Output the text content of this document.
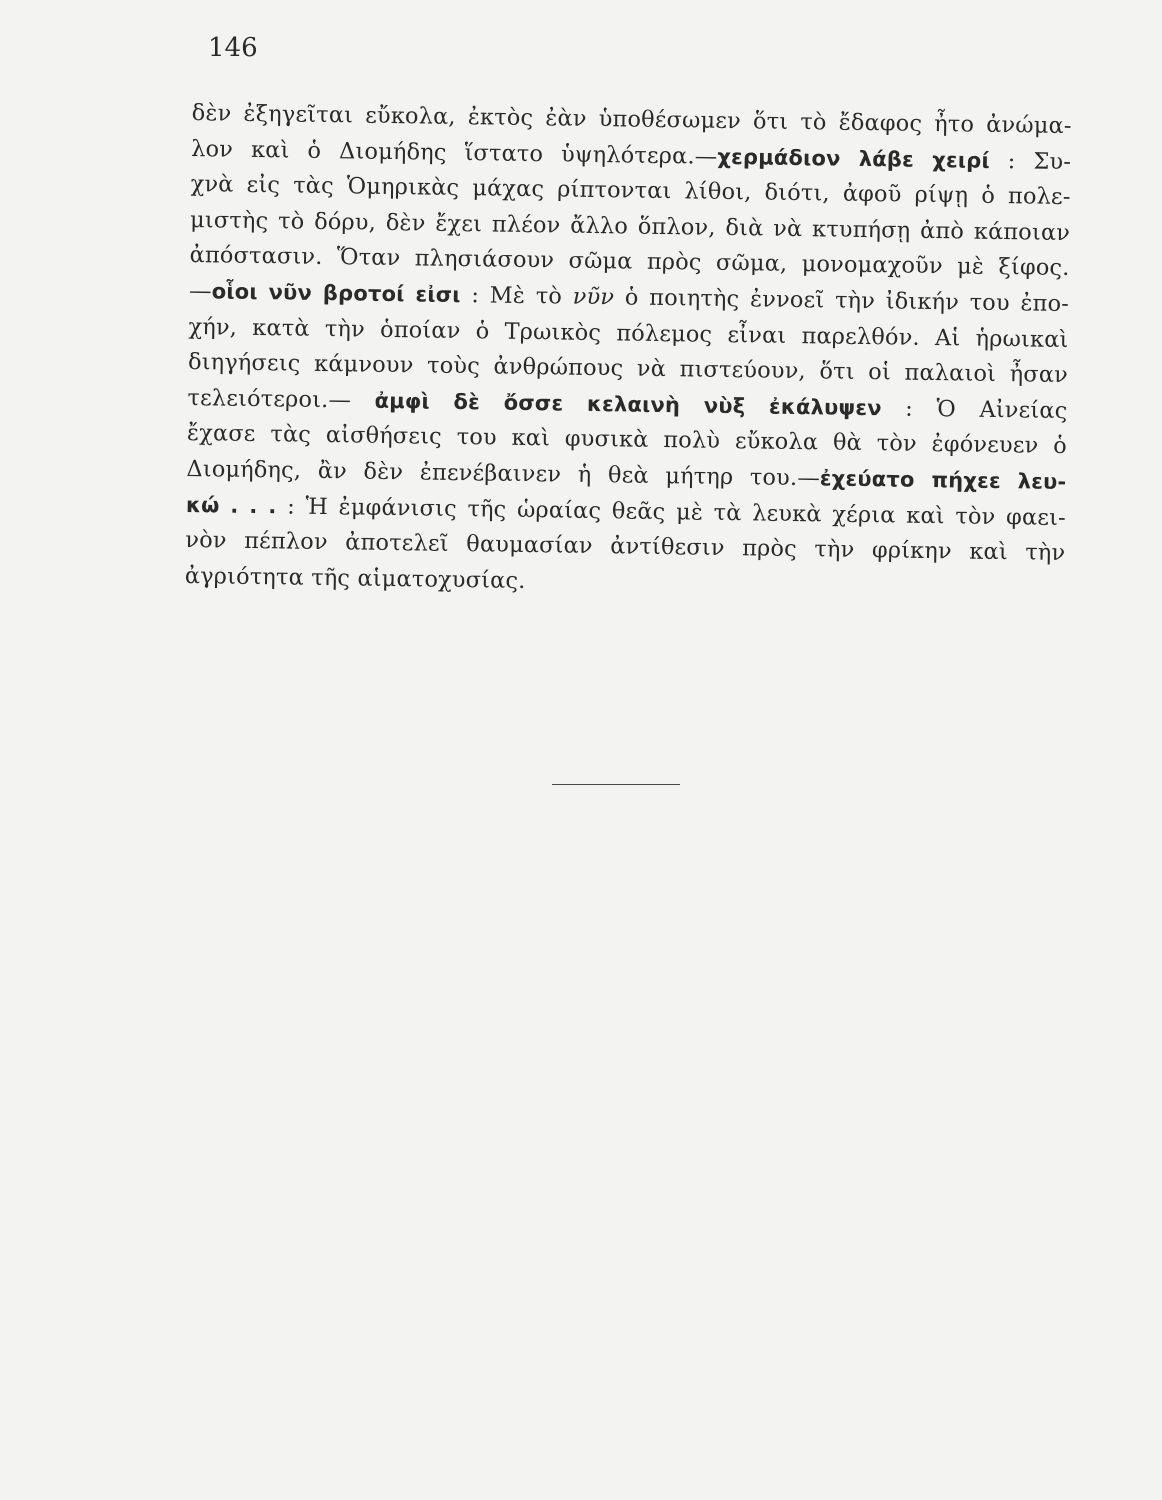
146
δὲν ἐξηγεῖται εὔκολα, ἐκτὸς ἐὰν ὑποθέσωμεν ὅτι τὸ ἔδαφος ἦτο ἀνώμα-
λον καὶ ὁ Διομήδης ἵστατο ὑψηλότερα.—χερμάδιον λάβε χειρί : Συ-
χνὰ εἰς τὰς Ὁμηρικὰς μάχας ρίπτονται λίθοι, διότι, ἀφοῦ ρίψῃ ὁ πολε-
μιστὴς τὸ δόρυ, δὲν ἔχει πλέον ἄλλο ὅπλον, διὰ νὰ κτυπήσῃ ἀπὸ κάποιαν
ἀπόστασιν. Ὅταν πλησιάσουν σῶμα πρὸς σῶμα, μονομαχοῦν μὲ ξίφος.
—οἷοι νῦν βροτοί εἰσι : Μὲ τὸ νῦν ὁ ποιητὴς ἐννοεῖ τὴν ἰδικήν του ἐπο-
χήν, κατὰ τὴν ὁποίαν ὁ Τρωικὸς πόλεμος εἶναι παρελθόν. Αἱ ἡρωικαὶ
διηγήσεις κάμνουν τοὺς ἀνθρώπους νὰ πιστεύουν, ὅτι οἱ παλαιοὶ ἦσαν
τελειότεροι.— ἀμφὶ δὲ ὄσσε κελαινὴ νὺξ ἐκάλυψεν : Ὁ Αἰνείας
ἔχασε τὰς αἰσθήσεις του καὶ φυσικὰ πολὺ εὔκολα θὰ τὸν ἐφόνευεν ὁ
Διομήδης, ἂν δὲν ἐπενέβαινεν ἡ θεὰ μήτηρ του.—ἐχεύατο πήχεε λευ-
κώ . . . : Ἡ ἐμφάνισις τῆς ὡραίας θεᾶς μὲ τὰ λευκὰ χέρια καὶ τὸν φαει-
νὸν πέπλον ἀποτελεῖ θαυμασίαν ἀντίθεσιν πρὸς τὴν φρίκην καὶ τὴν
ἀγριότητα τῆς αἱματοχυσίας.
